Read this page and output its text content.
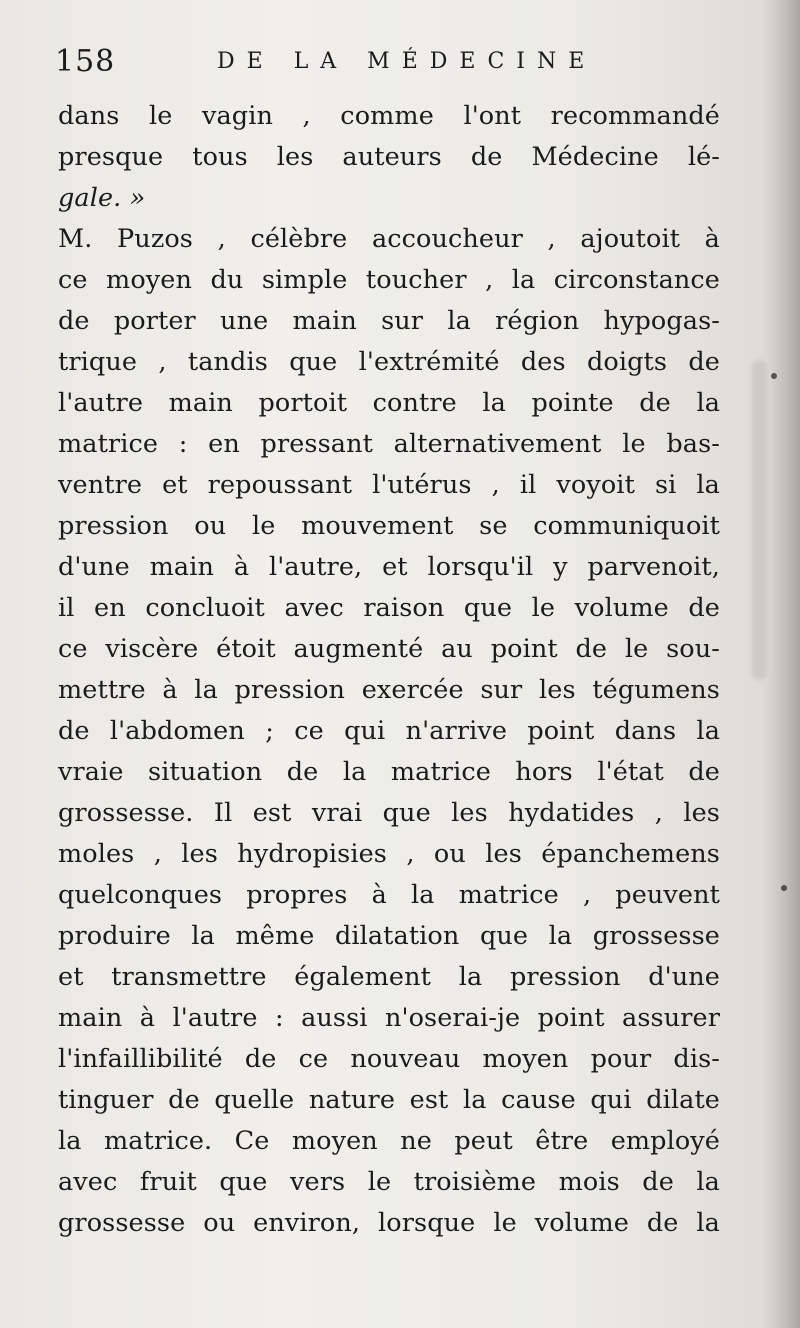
158	DE LA MÉDECINE
dans le vagin , comme l'ont recommandé
presque tous les auteurs de Médecine lé-
gale. »
M. Puzos , célèbre accoucheur , ajoutoit à
ce moyen du simple toucher , la circonstance
de porter une main sur la région hypogas-
trique , tandis que l'extrémité des doigts de
l'autre main portoit contre la pointe de la
matrice : en pressant alternativement le bas-
ventre et repoussant l'utérus , il voyoit si la
pression ou le mouvement se communiquoit
d'une main à l'autre, et lorsqu'il y parvenoit,
il en concluoit avec raison que le volume de
ce viscère étoit augmenté au point de le sou-
mettre à la pression exercée sur les tégumens
de l'abdomen ; ce qui n'arrive point dans la
vraie situation de la matrice hors l'état de
grossesse. Il est vrai que les hydatides , les
moles , les hydropisies , ou les épanchemens
quelconques propres à la matrice , peuvent
produire la même dilatation que la grossesse
et transmettre également la pression d'une
main à l'autre : aussi n'oserai-je point assurer
l'infaillibilité de ce nouveau moyen pour dis-
tinguer de quelle nature est la cause qui dilate
la matrice. Ce moyen ne peut être employé
avec fruit que vers le troisième mois de la
grossesse ou environ, lorsque le volume de la
